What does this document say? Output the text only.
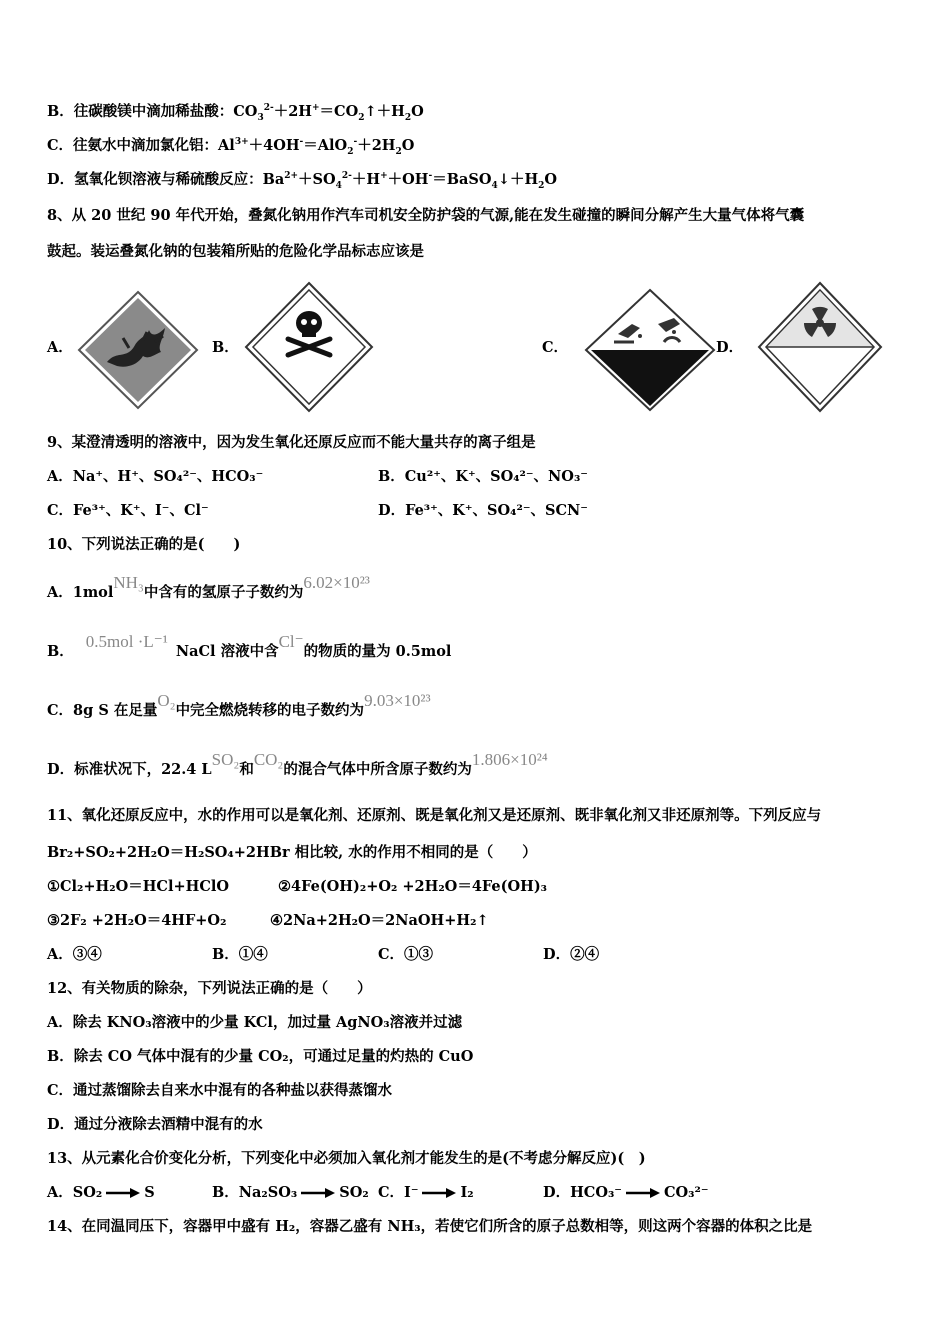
B．往碳酸镁中滴加稀盐酸：$CO_3^{2-}+2H^+=CO_2↑+H_2O$
C．往氨水中滴加氯化铝：$Al^{3+}+4OH^-=AlO_2^-+2H_2O$
D．氢氧化钡溶液与稀硫酸反应：$Ba^{2+}+SO_4^{2-}+H^++OH^-=BaSO_4↓+H_2O$
8、从 20 世纪 90 年代开始，叠氮化钠用作汽车司机安全防护袋的气源,能在发生碰撞的瞬间分解产生大量气体将气囊
鼓起。装运叠氮化钠的包装箱所贴的危险化学品标志应该是
A．	B．	C．	D．
9、某澄清透明的溶液中，因为发生氧化还原反应而不能大量共存的离子组是
A．Na⁺、H⁺、SO₄²⁻、HCO₃⁻	B．Cu²⁺、K⁺、SO₄²⁻、NO₃⁻
C．Fe³⁺、K⁺、I⁻、Cl⁻	D．Fe³⁺、K⁺、SO₄²⁻、SCN⁻
10、下列说法正确的是(　　)
A．1molNH₃中含有的氢原子子数约为6.02×10²³
B．0.5mol ·L⁻¹NaCl 溶液中含Cl⁻的物质的量为 0.5mol
C．8g S 在足量O₂中完全燃烧转移的电子数约为9.03×10²³
D．标准状况下，22.4 LSO₂和CO₂的混合气体中所含原子数约为1.806×10²⁴
11、氧化还原反应中，水的作用可以是氧化剂、还原剂、既是氧化剂又是还原剂、既非氧化剂又非还原剂等。下列反应与
Br₂+SO₂+2H₂O＝H₂SO₄+2HBr 相比较, 水的作用不相同的是（　　）
①Cl₂+H₂O＝HCl+HClO	②4Fe(OH)₂+O₂ +2H₂O＝4Fe(OH)₃
③2F₂ +2H₂O＝4HF+O₂	④2Na+2H₂O＝2NaOH+H₂↑
A．③④	B．①④	C．①③	D．②④
12、有关物质的除杂，下列说法正确的是（　　）
A．除去 KNO₃溶液中的少量 KCl，加过量 AgNO₃溶液并过滤
B．除去 CO 气体中混有的少量 CO₂，可通过足量的灼热的 CuO
C．通过蒸馏除去自来水中混有的各种盐以获得蒸馏水
D．通过分液除去酒精中混有的水
13、从元素化合价变化分析，下列变化中必须加入氧化剂才能发生的是(不考虑分解反应)(　)
A．SO₂	S	B．Na₂SO₃	SO₂ C．I⁻	I₂	D．HCO₃⁻	CO₃²⁻
14、在同温同压下，容器甲中盛有 H₂，容器乙盛有 NH₃，若使它们所含的原子总数相等，则这两个容器的体积之比是
